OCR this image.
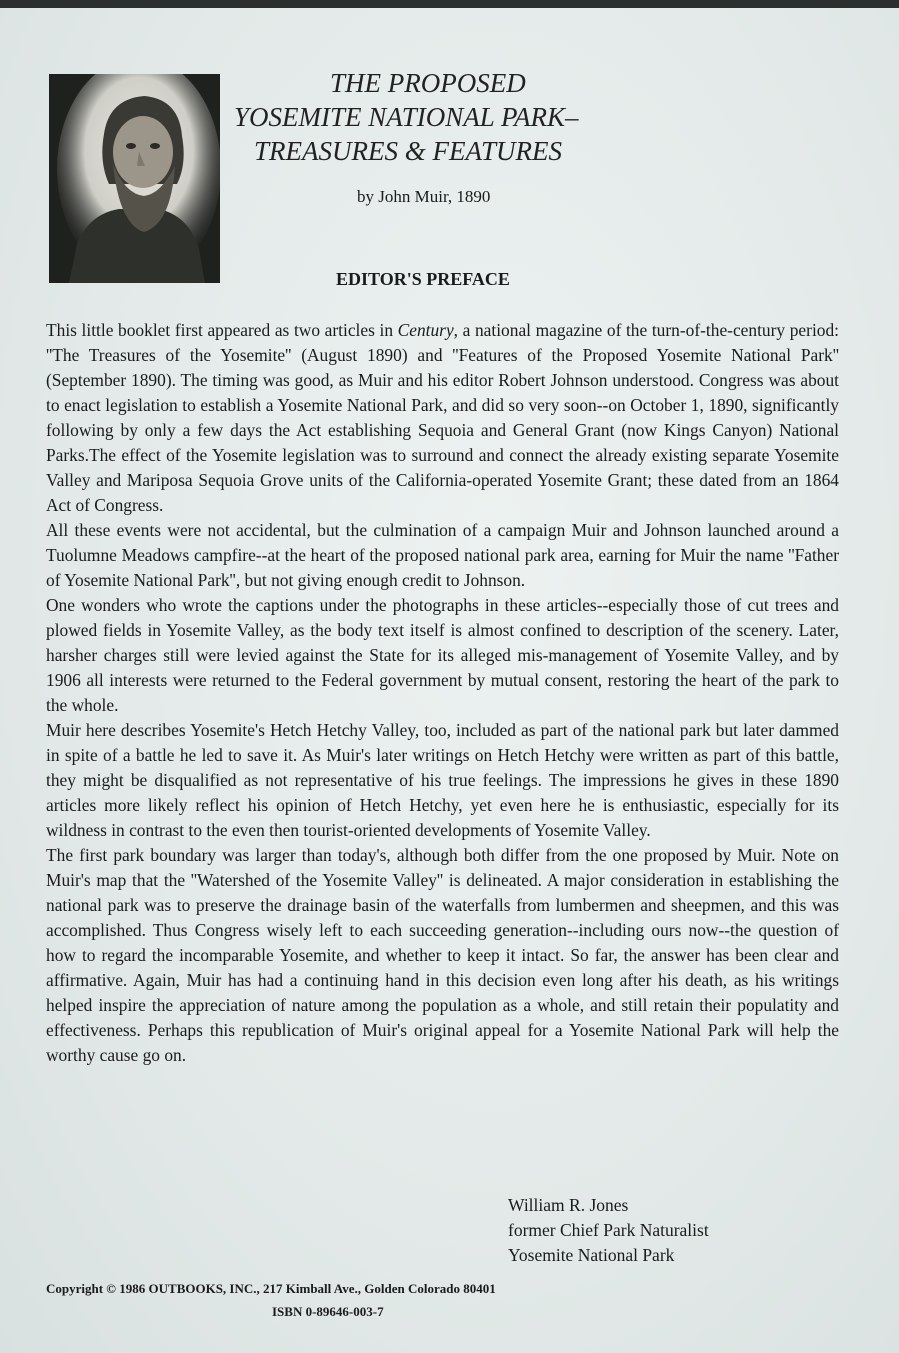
THE PROPOSED
YOSEMITE NATIONAL PARK–
TREASURES & FEATURES
by John Muir, 1890
EDITOR'S PREFACE

This little booklet first appeared as two articles in Century, a national magazine of the turn-of-the-century period: ''The Treasures of the Yosemite'' (August 1890) and ''Features of the Proposed Yosemite National Park'' (September 1890). The timing was good, as Muir and his editor Robert Johnson understood. Congress was about to enact legislation to establish a Yosemite National Park, and did so very soon--on October 1, 1890, significantly following by only a few days the Act establishing Sequoia and General Grant (now Kings Canyon) National Parks.The effect of the Yosemite legislation was to surround and connect the already existing separate Yosemite Valley and Mariposa Sequoia Grove units of the California-operated Yosemite Grant; these dated from an 1864 Act of Congress.

All these events were not accidental, but the culmination of a campaign Muir and Johnson launched around a Tuolumne Meadows campfire--at the heart of the proposed national park area, earning for Muir the name ''Father of Yosemite National Park'', but not giving enough credit to Johnson.

One wonders who wrote the captions under the photographs in these articles--especially those of cut trees and plowed fields in Yosemite Valley, as the body text itself is almost confined to description of the scenery. Later, harsher charges still were levied against the State for its alleged mis-management of Yosemite Valley, and by 1906 all interests were returned to the Federal government by mutual consent, restoring the heart of the park to the whole.

Muir here describes Yosemite's Hetch Hetchy Valley, too, included as part of the national park but later dammed in spite of a battle he led to save it. As Muir's later writings on Hetch Hetchy were written as part of this battle, they might be disqualified as not representative of his true feelings. The impressions he gives in these 1890 articles more likely reflect his opinion of Hetch Hetchy, yet even here he is enthusiastic, especially for its wildness in contrast to the even then tourist-oriented developments of Yosemite Valley.

The first park boundary was larger than today's, although both differ from the one proposed by Muir. Note on Muir's map that the ''Watershed of the Yosemite Valley'' is delineated. A major consideration in establishing the national park was to preserve the drainage basin of the waterfalls from lumbermen and sheepmen, and this was accomplished. Thus Congress wisely left to each succeeding generation--including ours now--the question of how to regard the incomparable Yosemite, and whether to keep it intact. So far, the answer has been clear and affirmative. Again, Muir has had a continuing hand in this decision even long after his death, as his writings helped inspire the appreciation of nature among the population as a whole, and still retain their populatity and effectiveness. Perhaps this republication of Muir's original appeal for a Yosemite National Park will help the worthy cause go on.

William R. Jones
former Chief Park Naturalist
Yosemite National Park
Copyright © 1986 OUTBOOKS, INC., 217 Kimball Ave., Golden Colorado 80401
ISBN 0-89646-003-7
